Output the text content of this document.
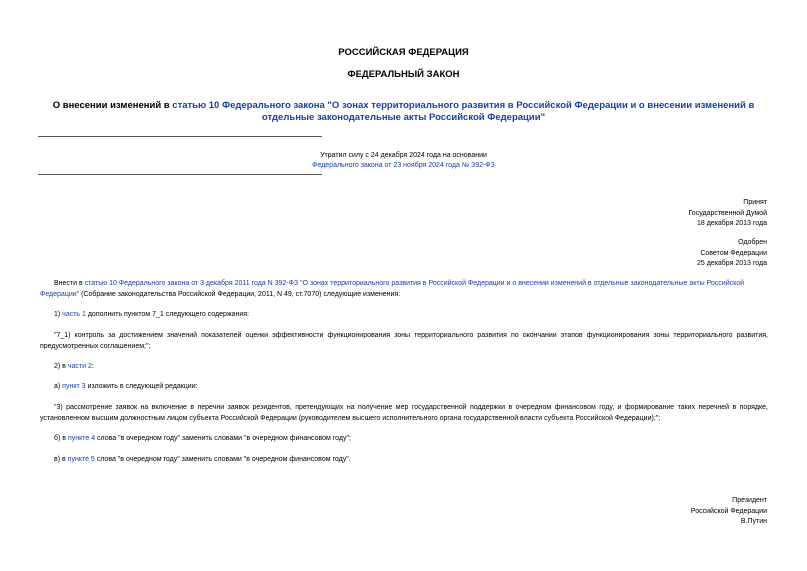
РОССИЙСКАЯ ФЕДЕРАЦИЯ
ФЕДЕРАЛЬНЫЙ ЗАКОН
О внесении изменений в статью 10 Федерального закона "О зонах территориального развития в Российской Федерации и о внесении изменений в отдельные законодательные акты Российской Федерации"
Утратил силу с 24 декабря 2024 года на основании
Федерального закона от 23 ноября 2024 года № 392-ФЗ
Принят
Государственной Думой
18 декабря 2013 года
Одобрен
Советом Федерации
25 декабря 2013 года
Внести в статью 10 Федерального закона от 3 декабря 2011 года N 392-ФЗ "О зонах территориального развития в Российской Федерации и о внесении изменений в отдельные законодательные акты Российской Федерации" (Собрание законодательства Российской Федерации, 2011, N 49, ст.7070) следующие изменения:
1) часть 1 дополнить пунктом 7_1 следующего содержания:
"7_1) контроль за достижением значений показателей оценки эффективности функционирования зоны территориального развития по окончании этапов функционирования зоны территориального развития, предусмотренных соглашением;";
2) в части 2:
а) пункт 3 изложить в следующей редакции:
"3) рассмотрение заявок на включение в перечни заявок резидентов, претендующих на получение мер государственной поддержки в очередном финансовом году, и формирование таких перечней в порядке, установленном высшим должностным лицом субъекта Российской Федерации (руководителем высшего исполнительного органа государственной власти субъекта Российской Федерации);";
б) в пункте 4 слова "в очередном году" заменить словами "в очередном финансовом году";
в) в пункте 5 слова "в очередном году" заменить словами "в очередном финансовом году".
Президент
Российской Федерации
В.Путин
